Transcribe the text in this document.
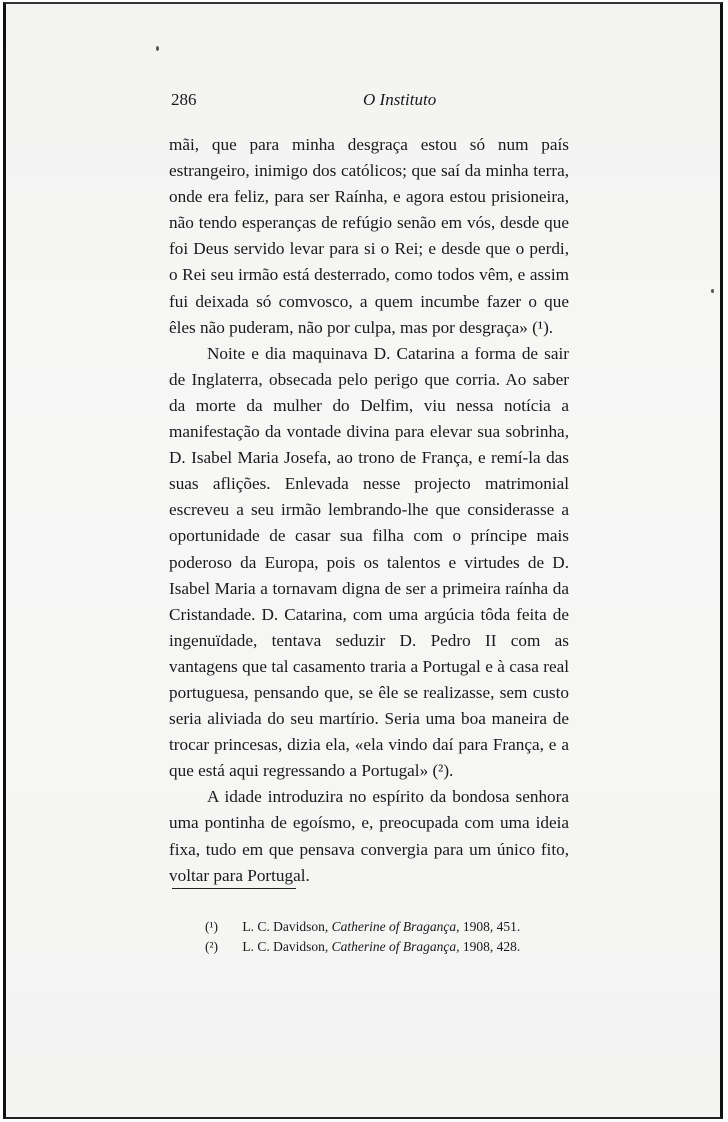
286	O Instituto

mãi, que para minha desgraça estou só num país estrangeiro, inimigo dos católicos; que saí da minha terra, onde era feliz, para ser Raínha, e agora estou prisioneira, não tendo esperanças de refúgio senão em vós, desde que foi Deus servido levar para si o Rei; e desde que o perdi, o Rei seu irmão está desterrado, como todos vêm, e assim fui deixada só comvosco, a quem incumbe fazer o que êles não puderam, não por culpa, mas por desgraça» (¹).

Noite e dia maquinava D. Catarina a forma de sair de Inglaterra, obsecada pelo perigo que corria. Ao saber da morte da mulher do Delfim, viu nessa notícia a manifestação da vontade divina para elevar sua sobrinha, D. Isabel Maria Josefa, ao trono de França, e remí-la das suas aflições. Enlevada nesse projecto matrimonial escreveu a seu irmão lembrando-lhe que considerasse a oportunidade de casar sua filha com o príncipe mais poderoso da Europa, pois os talentos e virtudes de D. Isabel Maria a tornavam digna de ser a primeira raínha da Cristandade. D. Catarina, com uma argúcia tôda feita de ingenuïdade, tentava seduzir D. Pedro II com as vantagens que tal casamento traria a Portugal e à casa real portuguesa, pensando que, se êle se realizasse, sem custo seria aliviada do seu martírio. Seria uma boa maneira de trocar princesas, dizia ela, «ela vindo daí para França, e a que está aqui regressando a Portugal» (²).

A idade introduzira no espírito da bondosa senhora uma pontinha de egoísmo, e, preocupada com uma ideia fixa, tudo em que pensava convergia para um único fito, voltar para Portugal.

(¹) L. C. Davidson, Catherine of Bragança, 1908, 451.
(²) L. C. Davidson, Catherine of Bragança, 1908, 428.
